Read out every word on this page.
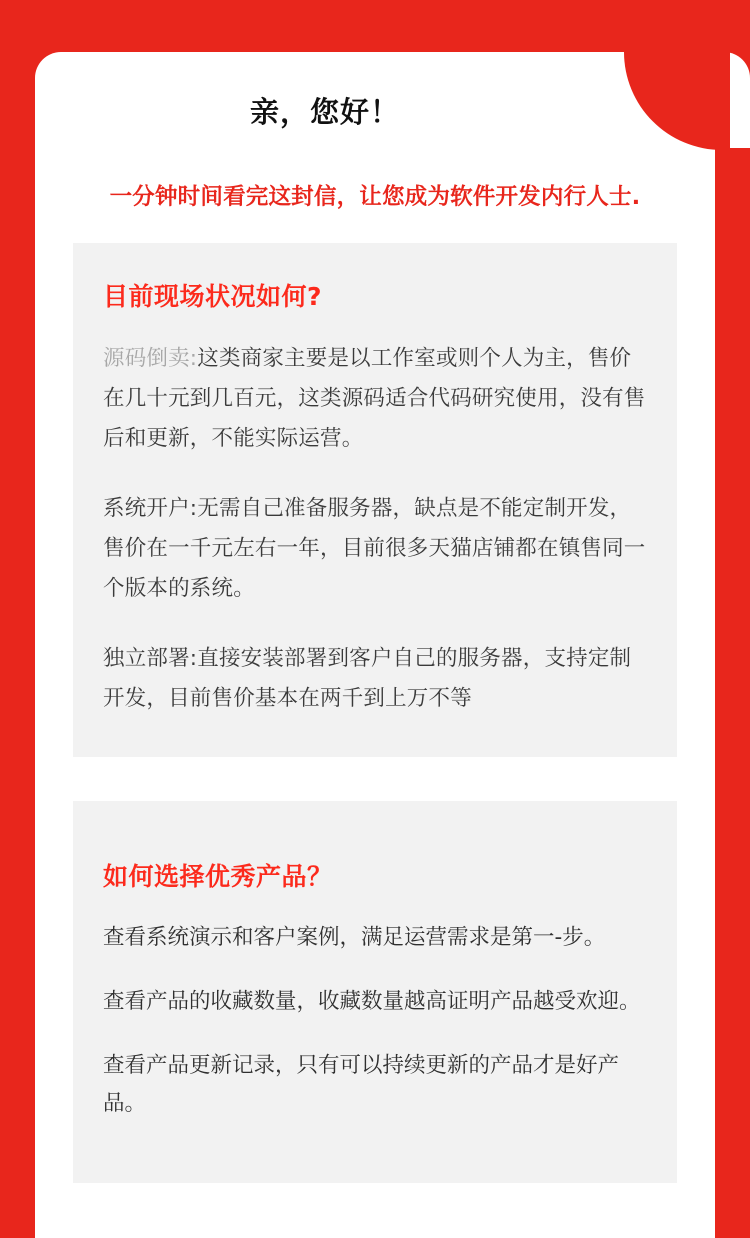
亲，您好！
一分钟时间看完这封信，让您成为软件开发内行人士.
目前现场状况如何?

源码倒卖:这类商家主要是以工作室或则个人为主，售价在几十元到几百元，这类源码适合代码研究使用，没有售后和更新，不能实际运营。

系统开户:无需自己准备服务器，缺点是不能定制开发，售价在一千元左右一年，目前很多天猫店铺都在镇售同一个版本的系统。

独立部署:直接安装部署到客户自己的服务器，支持定制开发，目前售价基本在两千到上万不等

如何选择优秀产品？

查看系统演示和客户案例，满足运营需求是第一-步。

查看产品的收藏数量，收藏数量越高证明产品越受欢迎。

查看产品更新记录，只有可以持续更新的产品才是好产品。
